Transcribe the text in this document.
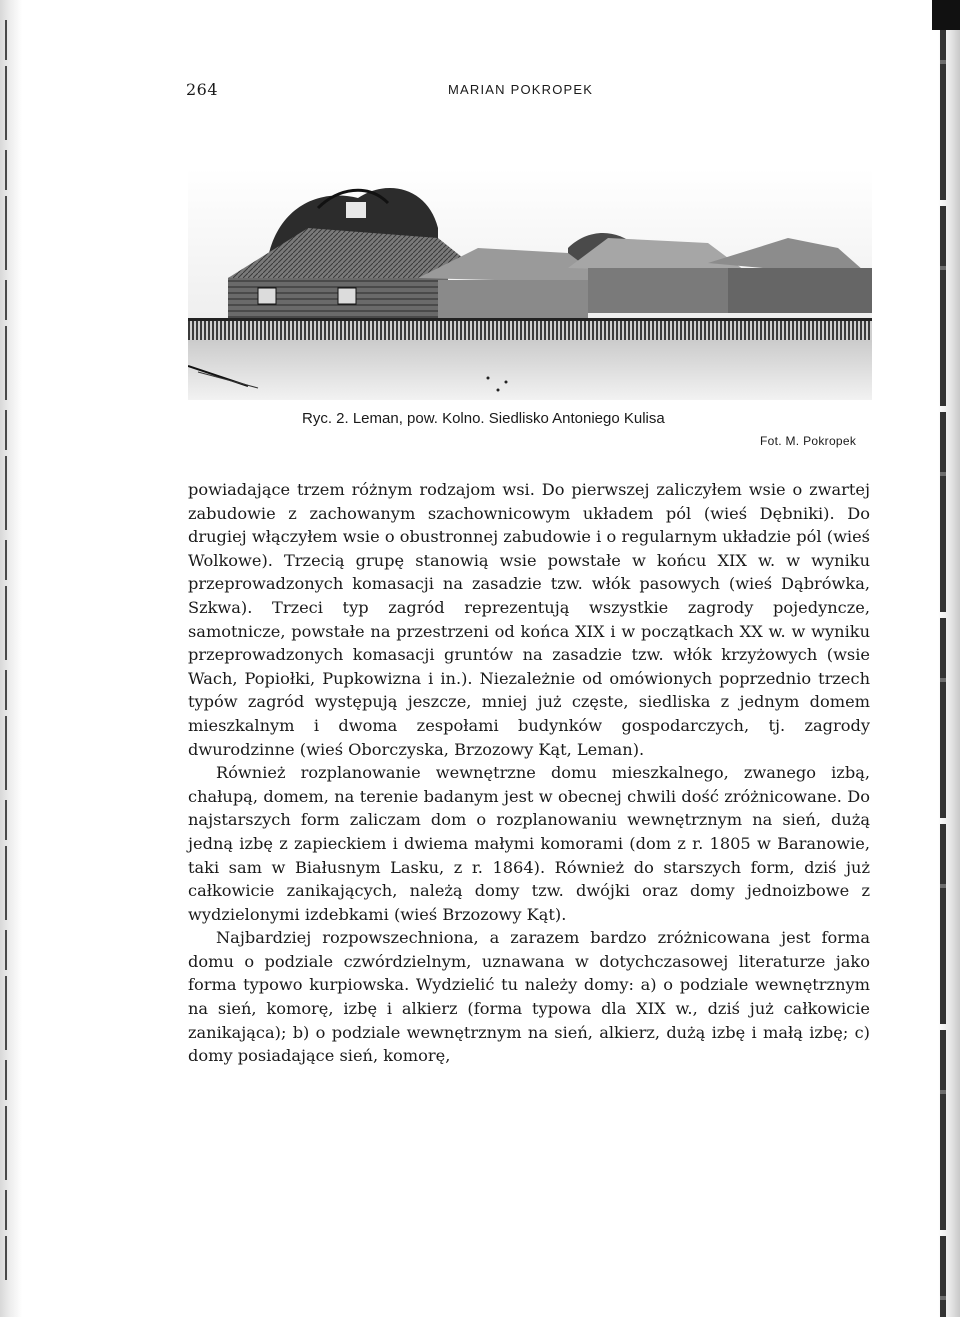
264	MARIAN POKROPEK
Ryc. 2. Leman, pow. Kolno. Siedlisko Antoniego Kulisa
Fot. M. Pokropek

powiadające trzem różnym rodzajom wsi. Do pierwszej zaliczyłem wsie o zwartej zabudowie z zachowanym szachownicowym układem pól (wieś Dębniki). Do drugiej włączyłem wsie o obustronnej zabudowie i o regularnym układzie pól (wieś Wolkowe). Trzecią grupę stanowią wsie powstałe w końcu XIX w. w wyniku przeprowadzonych komasacji na zasadzie tzw. włók pasowych (wieś Dąbrówka, Szkwa). Trzeci typ zagród reprezentują wszystkie zagrody pojedyncze, samotnicze, powstałe na przestrzeni od końca XIX i w początkach XX w. w wyniku przeprowadzonych komasacji gruntów na zasadzie tzw. włók krzyżowych (wsie Wach, Popiołki, Pupkowizna i in.). Niezależnie od omówionych poprzednio trzech typów zagród występują jeszcze, mniej już częste, siedliska z jednym domem mieszkalnym i dwoma zespołami budynków gospodarczych, tj. zagrody dwurodzinne (wieś Oborczyska, Brzozowy Kąt, Leman).

Również rozplanowanie wewnętrzne domu mieszkalnego, zwanego izbą, chałupą, domem, na terenie badanym jest w obecnej chwili dość zróżnicowane. Do najstarszych form zaliczam dom o rozplanowaniu wewnętrznym na sień, dużą jedną izbę z zapieckiem i dwiema małymi komorami (dom z r. 1805 w Baranowie, taki sam w Białusnym Lasku, z r. 1864). Również do starszych form, dziś już całkowicie zanikających, należą domy tzw. dwójki oraz domy jednoizbowe z wydzielonymi izdebkami (wieś Brzozowy Kąt).

Najbardziej rozpowszechniona, a zarazem bardzo zróżnicowana jest forma domu o podziale czwórdzielnym, uznawana w dotychczasowej literaturze jako forma typowo kurpiowska. Wydzielić tu należy domy: a) o podziale wewnętrznym na sień, komorę, izbę i alkierz (forma typowa dla XIX w., dziś już całkowicie zanikająca); b) o podziale wewnętrznym na sień, alkierz, dużą izbę i małą izbę; c) domy posiadające sień, komorę,
